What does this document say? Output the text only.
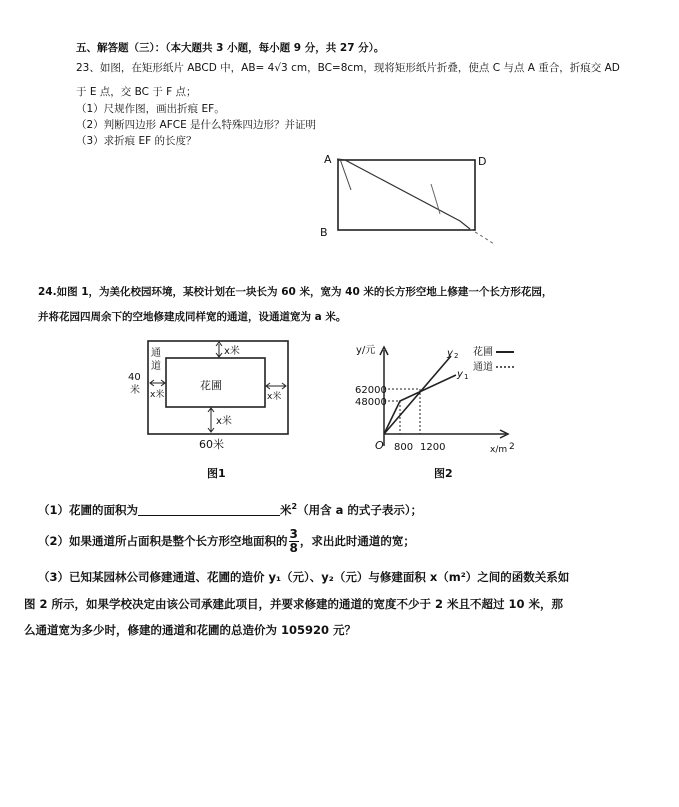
五、解答题（三）：（本大题共 3 小题，每小题 9 分，共 27 分）。
23、如图，在矩形纸片 ABCD 中，AB= 4√3 cm，BC=8cm，现将矩形纸片折叠，使点 C 与点 A 重合，折痕交 AD
于 E 点，交 BC 于 F 点；
（1）尺规作图，画出折痕 EF。
（2）判断四边形 AFCE 是什么特殊四边形？并证明
（3）求折痕 EF 的长度？
A	D
B
24.如图 1，为美化校园环境，某校计划在一块长为 60 米，宽为 40 米的长方形空地上修建一个长方形花园，
并将花园四周余下的空地修建成同样宽的通道，设通道宽为 a 米。
通
道
x米
x米	x米
x米
花圃
40
米
60米
图1
y/元
x/m 2
O
62000
48000
800 1200
y 2
y 1
花圃
通道
图2
（1）花圃的面积为	米$^2$（用含 a 的式子表示）；
（2）如果通道所占面积是整个长方形空地面积的 $\frac{3}{8}$ ，求出此时通道的宽；
（3）已知某园林公司修建通道、花圃的造价 y₁（元）、y₂（元）与修建面积 x（m²）之间的函数关系如
图 2 所示，如果学校决定由该公司承建此项目，并要求修建的通道的宽度不少于 2 米且不超过 10 米，那
么通道宽为多少时，修建的通道和花圃的总造价为 105920 元？
